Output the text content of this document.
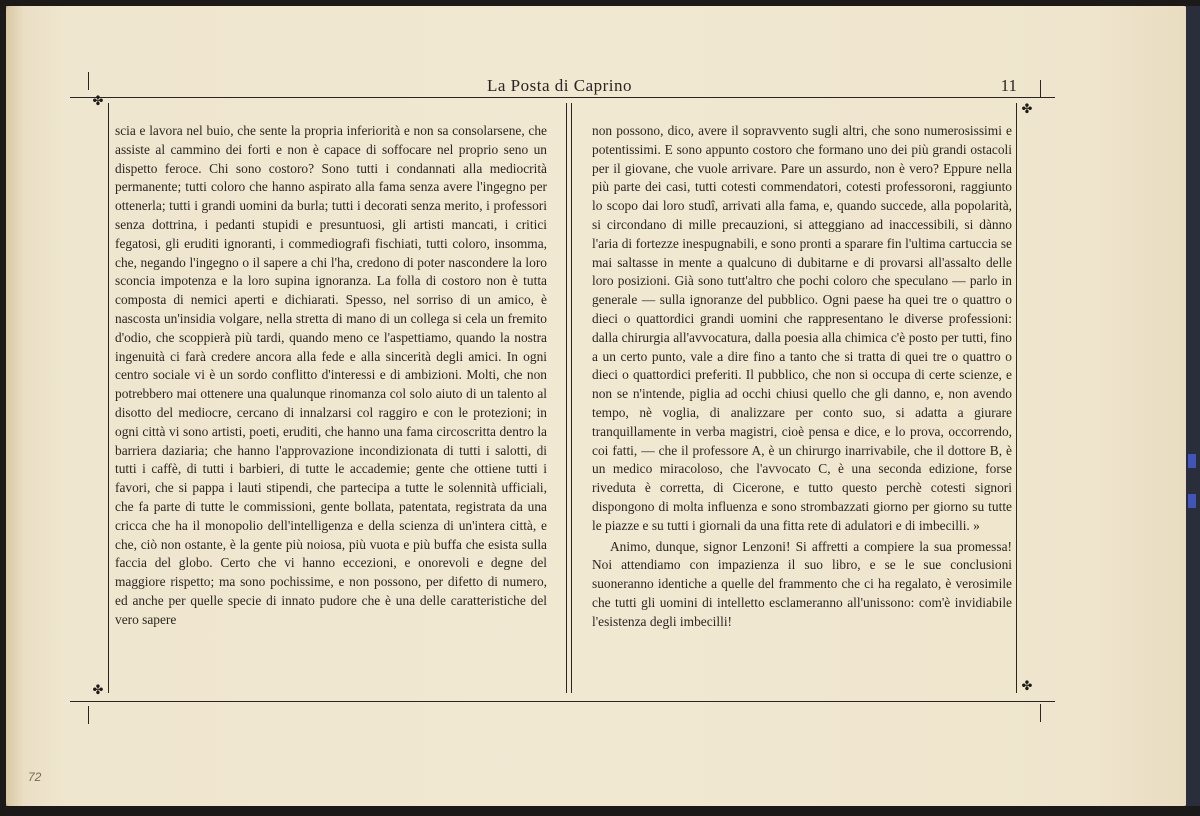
La Posta di Caprino	11
✤
✤
✤	✤

scia e lavora nel buio, che sente la propria inferiorità e non sa consolarsene, che assiste al cammino dei forti e non è capace di soffocare nel proprio seno un dispetto feroce. Chi sono costoro? Sono tutti i condannati alla mediocrità permanente; tutti coloro che hanno aspirato alla fama senza avere l'ingegno per ottenerla; tutti i grandi uomini da burla; tutti i decorati senza merito, i professori senza dottrina, i pedanti stupidi e presuntuosi, gli artisti mancati, i critici fegatosi, gli eruditi ignoranti, i commediografi fischiati, tutti coloro, insomma, che, negando l'ingegno o il sapere a chi l'ha, credono di poter nascondere la loro sconcia impotenza e la loro supina ignoranza. La folla di costoro non è tutta composta di nemici aperti e dichiarati. Spesso, nel sorriso di un amico, è nascosta un'insidia volgare, nella stretta di mano di un collega si cela un fremito d'odio, che scoppierà più tardi, quando meno ce l'aspettiamo, quando la nostra ingenuità ci farà credere ancora alla fede e alla sincerità degli amici. In ogni centro sociale vi è un sordo conflitto d'interessi e di ambizioni. Molti, che non potrebbero mai ottenere una qualunque rinomanza col solo aiuto di un talento al disotto del mediocre, cercano di innalzarsi col raggiro e con le protezioni; in ogni città vi sono artisti, poeti, eruditi, che hanno una fama circoscritta dentro la barriera daziaria; che hanno l'approvazione incondizionata di tutti i salotti, di tutti i caffè, di tutti i barbieri, di tutte le accademie; gente che ottiene tutti i favori, che si pappa i lauti stipendi, che partecipa a tutte le solennità ufficiali, che fa parte di tutte le commissioni, gente bollata, patentata, registrata da una cricca che ha il monopolio dell'intelligenza e della scienza di un'intera città, e che, ciò non ostante, è la gente più noiosa, più vuota e più buffa che esista sulla faccia del globo. Certo che vi hanno eccezioni, e onorevoli e degne del maggiore rispetto; ma sono pochissime, e non possono, per difetto di numero, ed anche per quelle specie di innato pudore che è una delle caratteristiche del vero sapere

non possono, dico, avere il sopravvento sugli altri, che sono numerosissimi e potentissimi. E sono appunto costoro che formano uno dei più grandi ostacoli per il giovane, che vuole arrivare. Pare un assurdo, non è vero? Eppure nella più parte dei casi, tutti cotesti commendatori, cotesti professoroni, raggiunto lo scopo dai loro studî, arrivati alla fama, e, quando succede, alla popolarità, si circondano di mille precauzioni, si atteggiano ad inaccessibili, si dànno l'aria di fortezze inespugnabili, e sono pronti a sparare fin l'ultima cartuccia se mai saltasse in mente a qualcuno di dubitarne e di provarsi all'assalto delle loro posizioni. Già sono tutt'altro che pochi coloro che speculano — parlo in generale — sulla ignoranze del pubblico. Ogni paese ha quei tre o quattro o dieci o quattordici grandi uomini che rappresentano le diverse professioni: dalla chirurgia all'avvocatura, dalla poesia alla chimica c'è posto per tutti, fino a un certo punto, vale a dire fino a tanto che si tratta di quei tre o quattro o dieci o quattordici preferiti. Il pubblico, che non si occupa di certe scienze, e non se n'intende, piglia ad occhi chiusi quello che gli danno, e, non avendo tempo, nè voglia, di analizzare per conto suo, si adatta a giurare tranquillamente in verba magistri, cioè pensa e dice, e lo prova, occorrendo, coi fatti, — che il professore A, è un chirurgo inarrivabile, che il dottore B, è un medico miracoloso, che l'avvocato C, è una seconda edizione, forse riveduta è corretta, di Cicerone, e tutto questo perchè cotesti signori dispongono di molta influenza e sono strombazzati giorno per giorno su tutte le piazze e su tutti i giornali da una fitta rete di adulatori e di imbecilli. »

Animo, dunque, signor Lenzoni! Si affretti a compiere la sua promessa! Noi attendiamo con impazienza il suo libro, e se le sue conclusioni suoneranno identiche a quelle del frammento che ci ha regalato, è verosimile che tutti gli uomini di intelletto esclameranno all'unissono: com'è invidiabile l'esistenza degli imbecilli!

72
